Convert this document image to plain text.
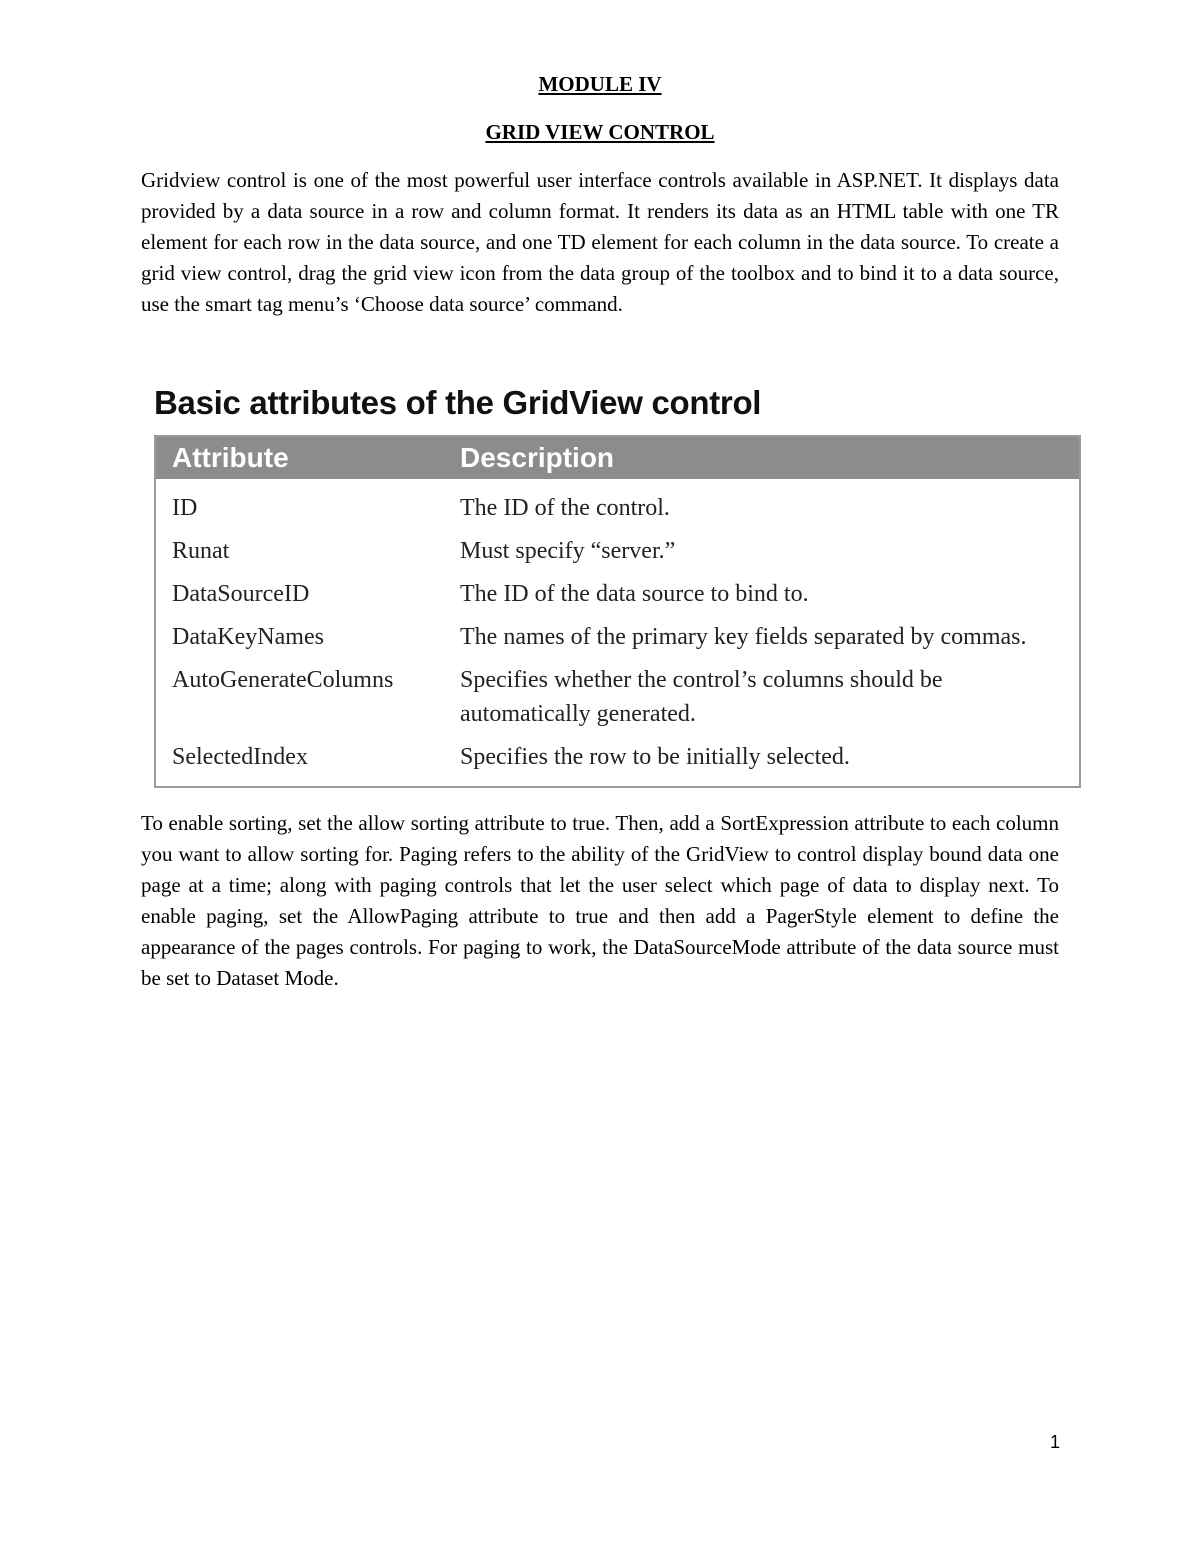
MODULE IV
GRID VIEW CONTROL

Gridview control is one of the most powerful user interface controls available in ASP.NET. It displays data provided by a data source in a row and column format. It renders its data as an HTML table with one TR element for each row in the data source, and one TD element for each column in the data source. To create a grid view control, drag the grid view icon from the data group of the toolbox and to bind it to a data source, use the smart tag menu’s ‘Choose data source’ command.

Basic attributes of the GridView control
Attribute	Description
ID	The ID of the control.
Runat	Must specify “server.”
DataSourceID	The ID of the data source to bind to.
DataKeyNames	The names of the primary key fields separated by commas.
AutoGenerateColumns	Specifies whether the control’s columns should be automatically generated.
SelectedIndex	Specifies the row to be initially selected.

To enable sorting, set the allow sorting attribute to true. Then, add a SortExpression attribute to each column you want to allow sorting for. Paging refers to the ability of the GridView to control display bound data one page at a time; along with paging controls that let the user select which page of data to display next. To enable paging, set the AllowPaging attribute to true and then add a PagerStyle element to define the appearance of the pages controls. For paging to work, the DataSourceMode attribute of the data source must be set to Dataset Mode.

1
